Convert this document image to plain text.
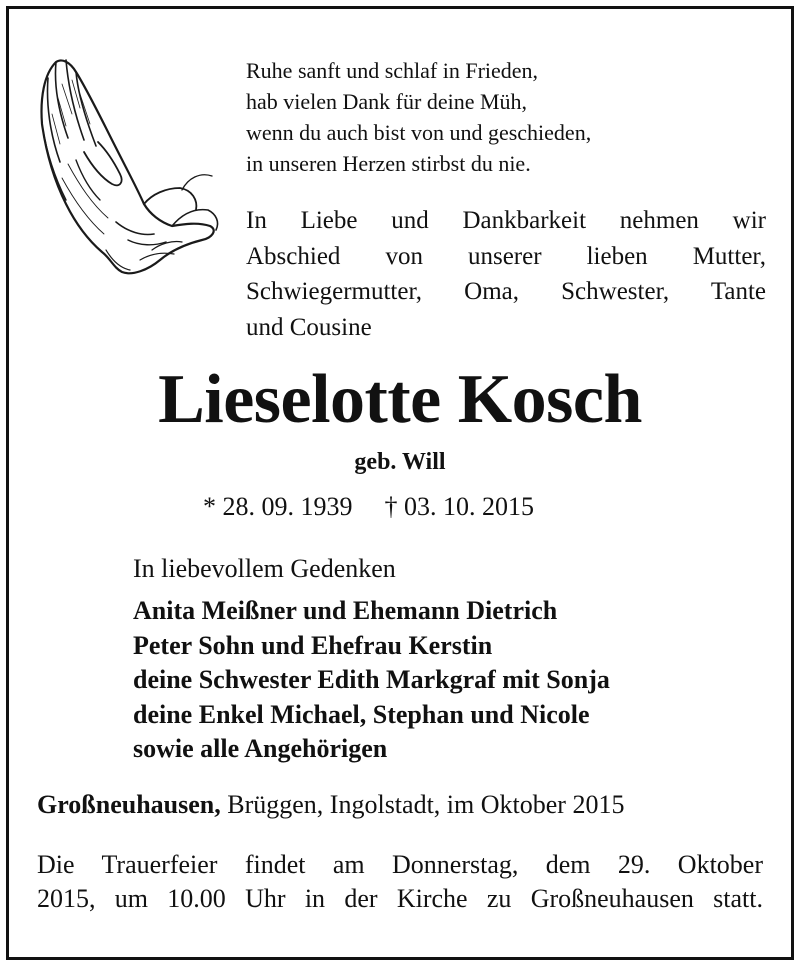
Ruhe sanft und schlaf in Frieden,
hab vielen Dank für deine Müh,
wenn du auch bist von und geschieden,
in unseren Herzen stirbst du nie.
In Liebe und Dankbarkeit nehmen wir
Abschied von unserer lieben Mutter,
Schwiegermutter, Oma, Schwester, Tante
und Cousine
Lieselotte Kosch
geb. Will
* 28. 09. 1939 † 03. 10. 2015
In liebevollem Gedenken
Anita Meißner und Ehemann Dietrich
Peter Sohn und Ehefrau Kerstin
deine Schwester Edith Markgraf mit Sonja
deine Enkel Michael, Stephan und Nicole
sowie alle Angehörigen
Großneuhausen, Brüggen, Ingolstadt, im Oktober 2015
Die Trauerfeier findet am Donnerstag, dem 29. Oktober
2015, um 10.00 Uhr in der Kirche zu Großneuhausen statt.
